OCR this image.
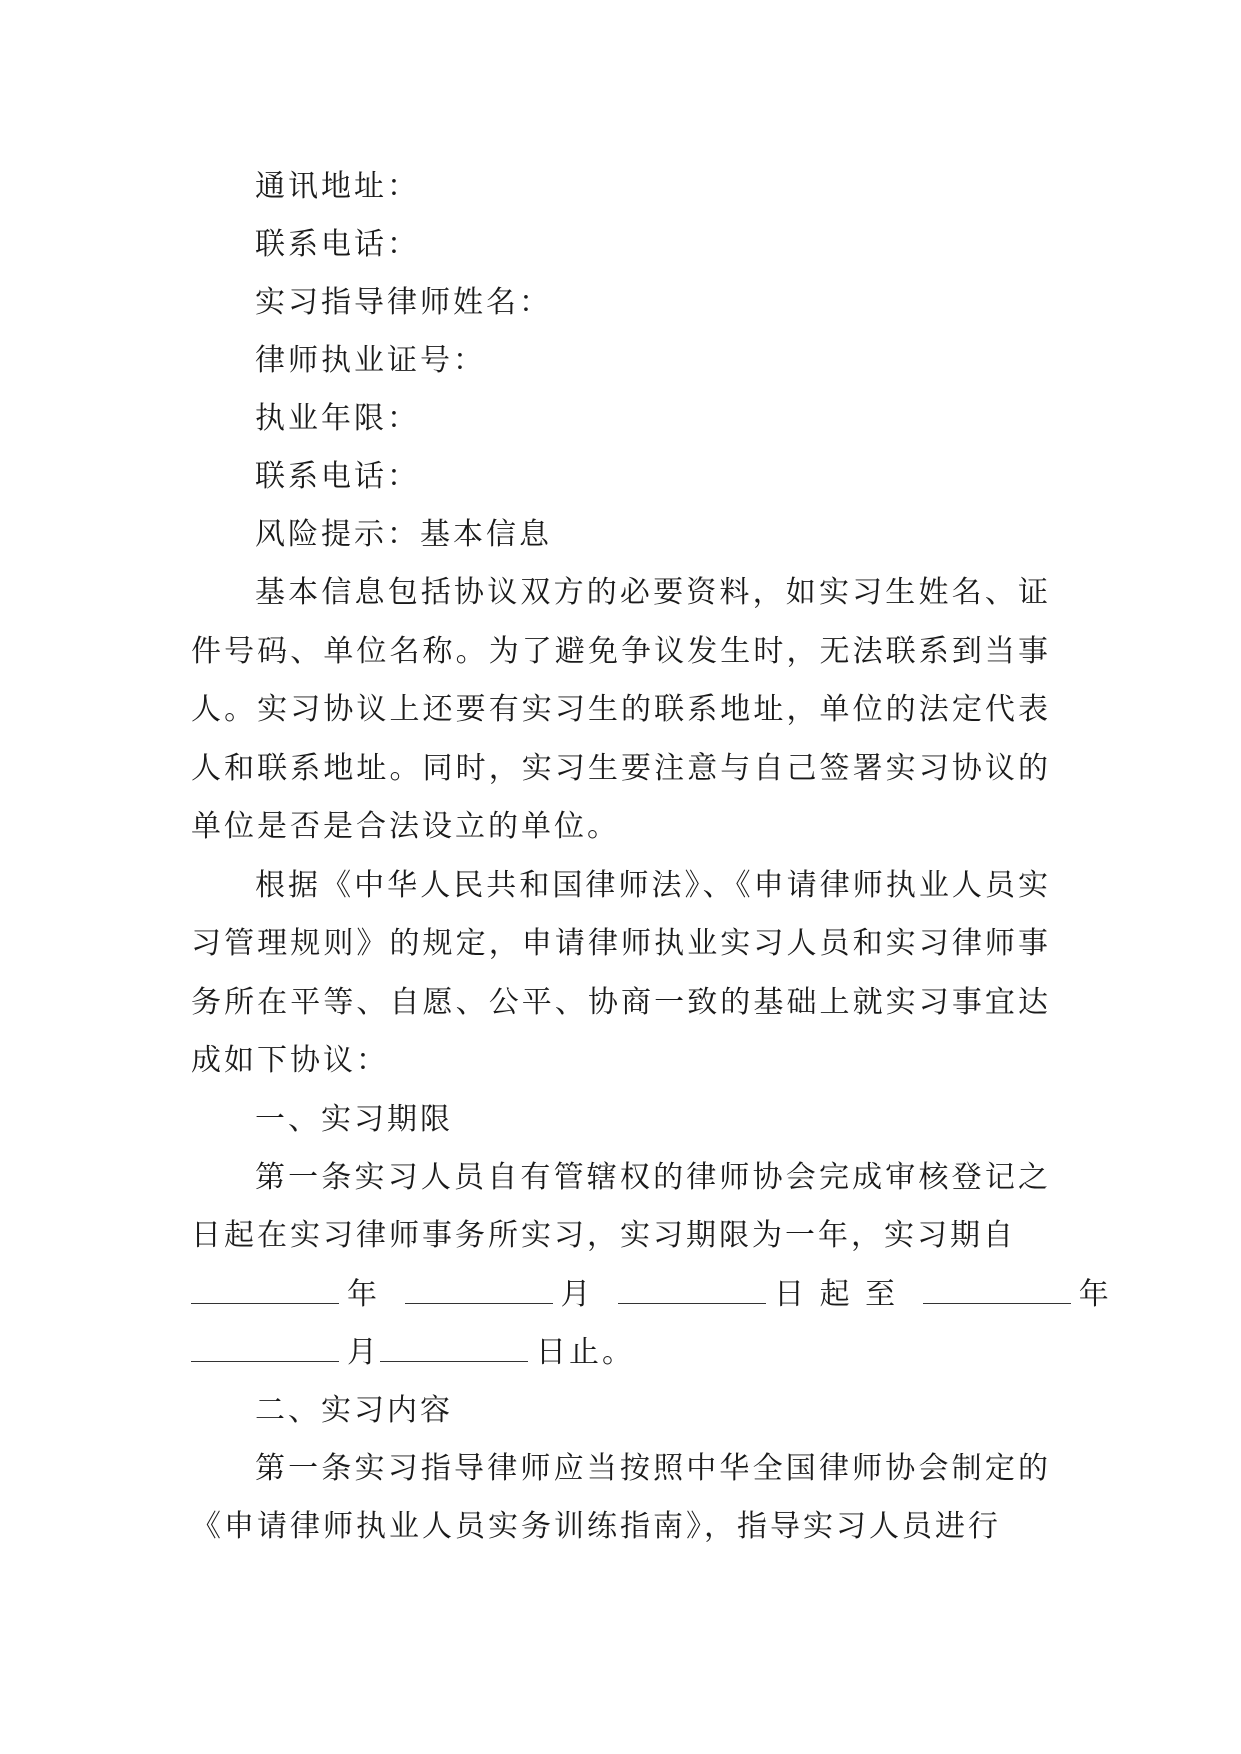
通讯地址：
联系电话：
实习指导律师姓名：
律师执业证号：
执业年限：
联系电话：
风险提示：基本信息

基本信息包括协议双方的必要资料，如实习生姓名、证件号码、单位名称。为了避免争议发生时，无法联系到当事人。实习协议上还要有实习生的联系地址，单位的法定代表人和联系地址。同时，实习生要注意与自己签署实习协议的单位是否是合法设立的单位。

根据《中华人民共和国律师法》、《申请律师执业人员实习管理规则》的规定，申请律师执业实习人员和实习律师事务所在平等、自愿、公平、协商一致的基础上就实习事宜达成如下协议：

一、实习期限

第一条实习人员自有管辖权的律师协会完成审核登记之日起在实习律师事务所实习，实习期限为一年，实习期自

年	月	日 起 至	年
月	日止。
二、实习内容

第一条实习指导律师应当按照中华全国律师协会制定的《申请律师执业人员实务训练指南》，指导实习人员进行
